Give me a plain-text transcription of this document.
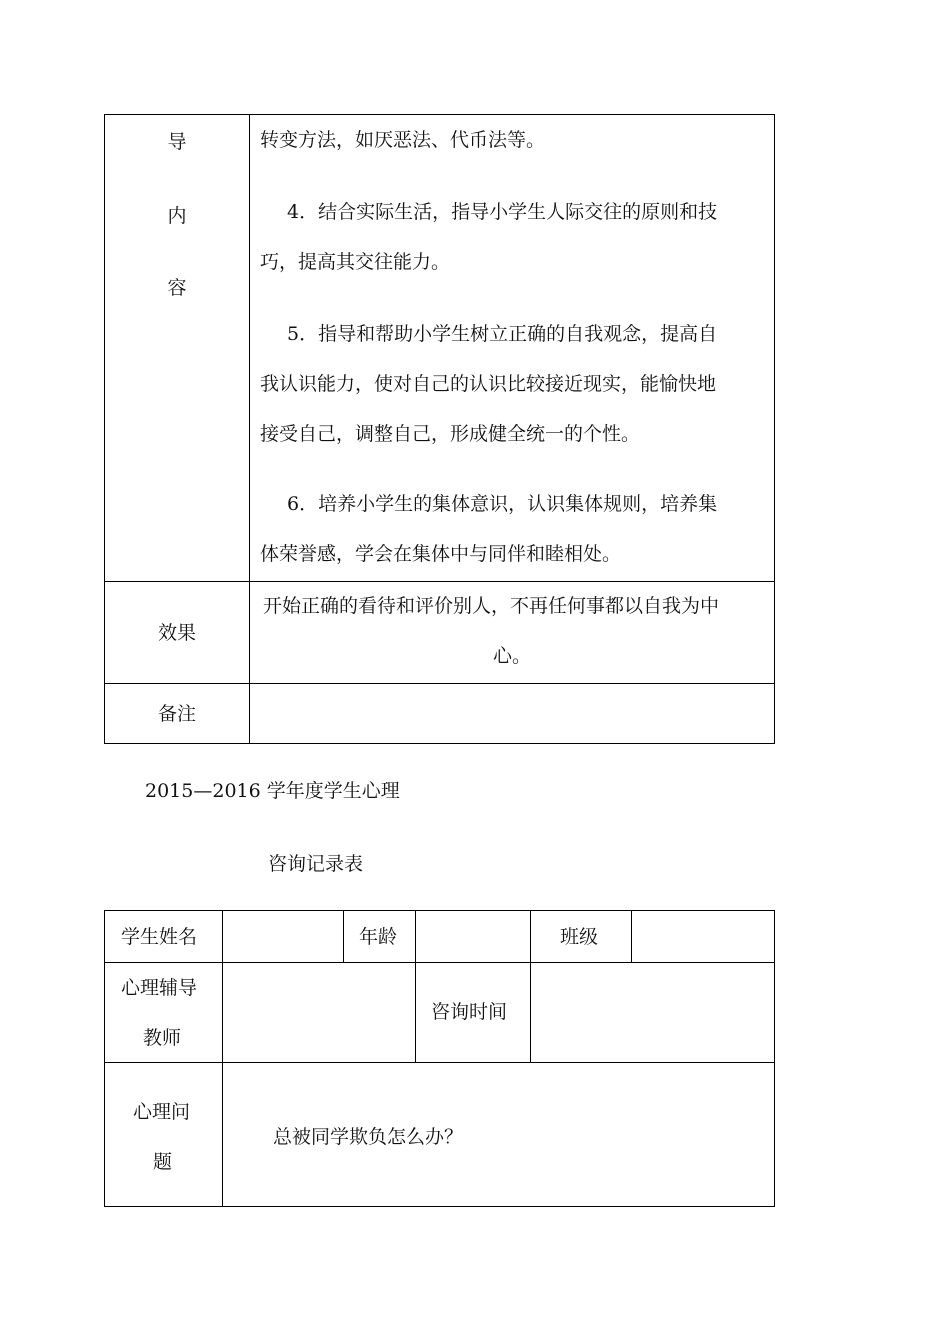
导
内
容
效果
备注
转变方法，如厌恶法、代币法等。
4．结合实际生活，指导小学生人际交往的原则和技
巧，提高其交往能力。
5．指导和帮助小学生树立正确的自我观念，提高自
我认识能力，使对自己的认识比较接近现实，能愉快地
接受自己，调整自己，形成健全统一的个性。
6．培养小学生的集体意识，认识集体规则，培养集
体荣誉感，学会在集体中与同伴和睦相处。
开始正确的看待和评价别人，不再任何事都以自我为中
心。
2015—2016 学年度学生心理
咨询记录表
学生姓名	年龄	班级
心理辅导
教师
咨询时间
心理问
题
总被同学欺负怎么办？
